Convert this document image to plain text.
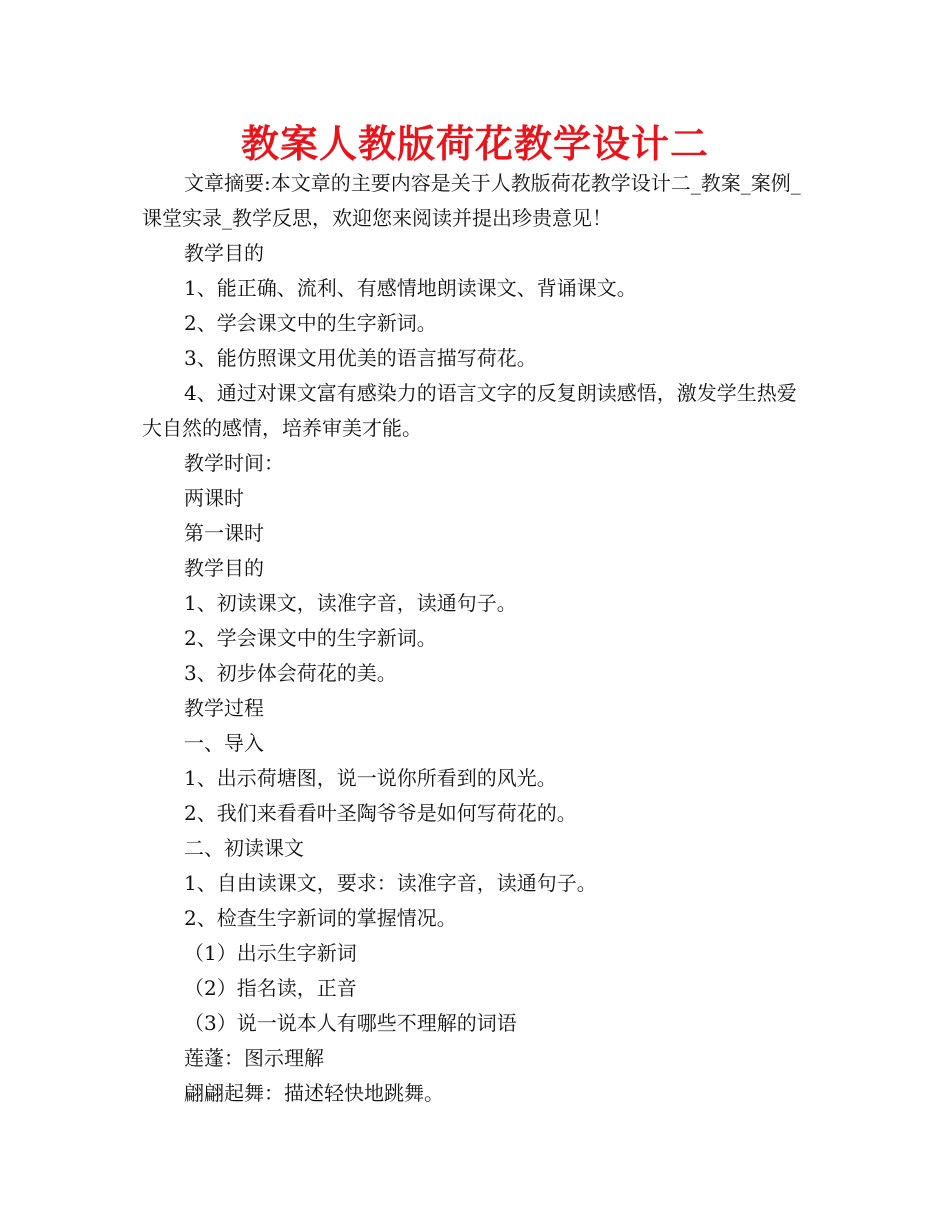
教案人教版荷花教学设计二

文章摘要:本文章的主要内容是关于人教版荷花教学设计二_教案_案例_课堂实录_教学反思，欢迎您来阅读并提出珍贵意见！

教学目的

1、能正确、流利、有感情地朗读课文、背诵课文。

2、学会课文中的生字新词。

3、能仿照课文用优美的语言描写荷花。

4、通过对课文富有感染力的语言文字的反复朗读感悟，激发学生热爱大自然的感情，培养审美才能。

教学时间：

两课时

第一课时

教学目的

1、初读课文，读准字音，读通句子。

2、学会课文中的生字新词。

3、初步体会荷花的美。

教学过程

一、导入

1、出示荷塘图，说一说你所看到的风光。

2、我们来看看叶圣陶爷爷是如何写荷花的。

二、初读课文

1、自由读课文，要求：读准字音，读通句子。

2、检查生字新词的掌握情况。

（1）出示生字新词

（2）指名读，正音

（3）说一说本人有哪些不理解的词语

莲蓬：图示理解

翩翩起舞：描述轻快地跳舞。
